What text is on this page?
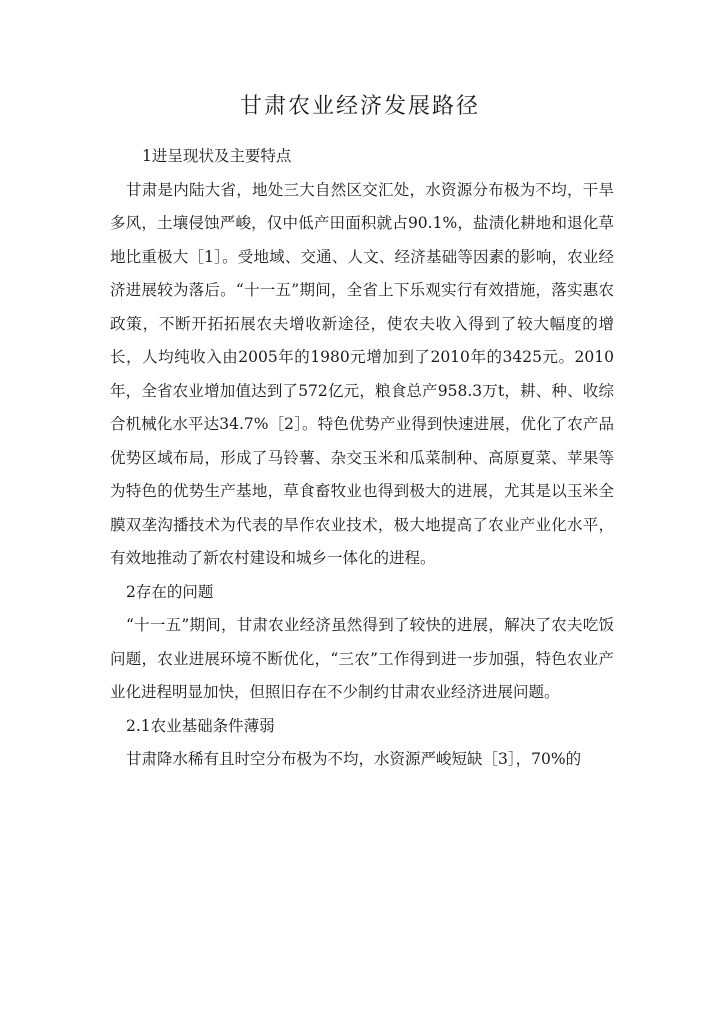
甘肃农业经济发展路径

1进呈现状及主要特点

甘肃是内陆大省，地处三大自然区交汇处，水资源分布极为不均，干旱多风，土壤侵蚀严峻，仅中低产田面积就占90.1%，盐渍化耕地和退化草地比重极大［1］。受地域、交通、人文、经济基础等因素的影响，农业经济进展较为落后。“十一五”期间，全省上下乐观实行有效措施，落实惠农政策，不断开拓拓展农夫增收新途径，使农夫收入得到了较大幅度的增长，人均纯收入由2005年的1980元增加到了2010年的3425元。2010年，全省农业增加值达到了572亿元，粮食总产958.3万t，耕、种、收综合机械化水平达34.7%［2］。特色优势产业得到快速进展，优化了农产品优势区域布局，形成了马铃薯、杂交玉米和瓜菜制种、高原夏菜、苹果等为特色的优势生产基地，草食畜牧业也得到极大的进展，尤其是以玉米全膜双垄沟播技术为代表的旱作农业技术，极大地提高了农业产业化水平，有效地推动了新农村建设和城乡一体化的进程。

2存在的问题

“十一五”期间，甘肃农业经济虽然得到了较快的进展，解决了农夫吃饭问题，农业进展环境不断优化，“三农”工作得到进一步加强，特色农业产业化进程明显加快，但照旧存在不少制约甘肃农业经济进展问题。

2.1农业基础条件薄弱

甘肃降水稀有且时空分布极为不均，水资源严峻短缺［3］，70%的
